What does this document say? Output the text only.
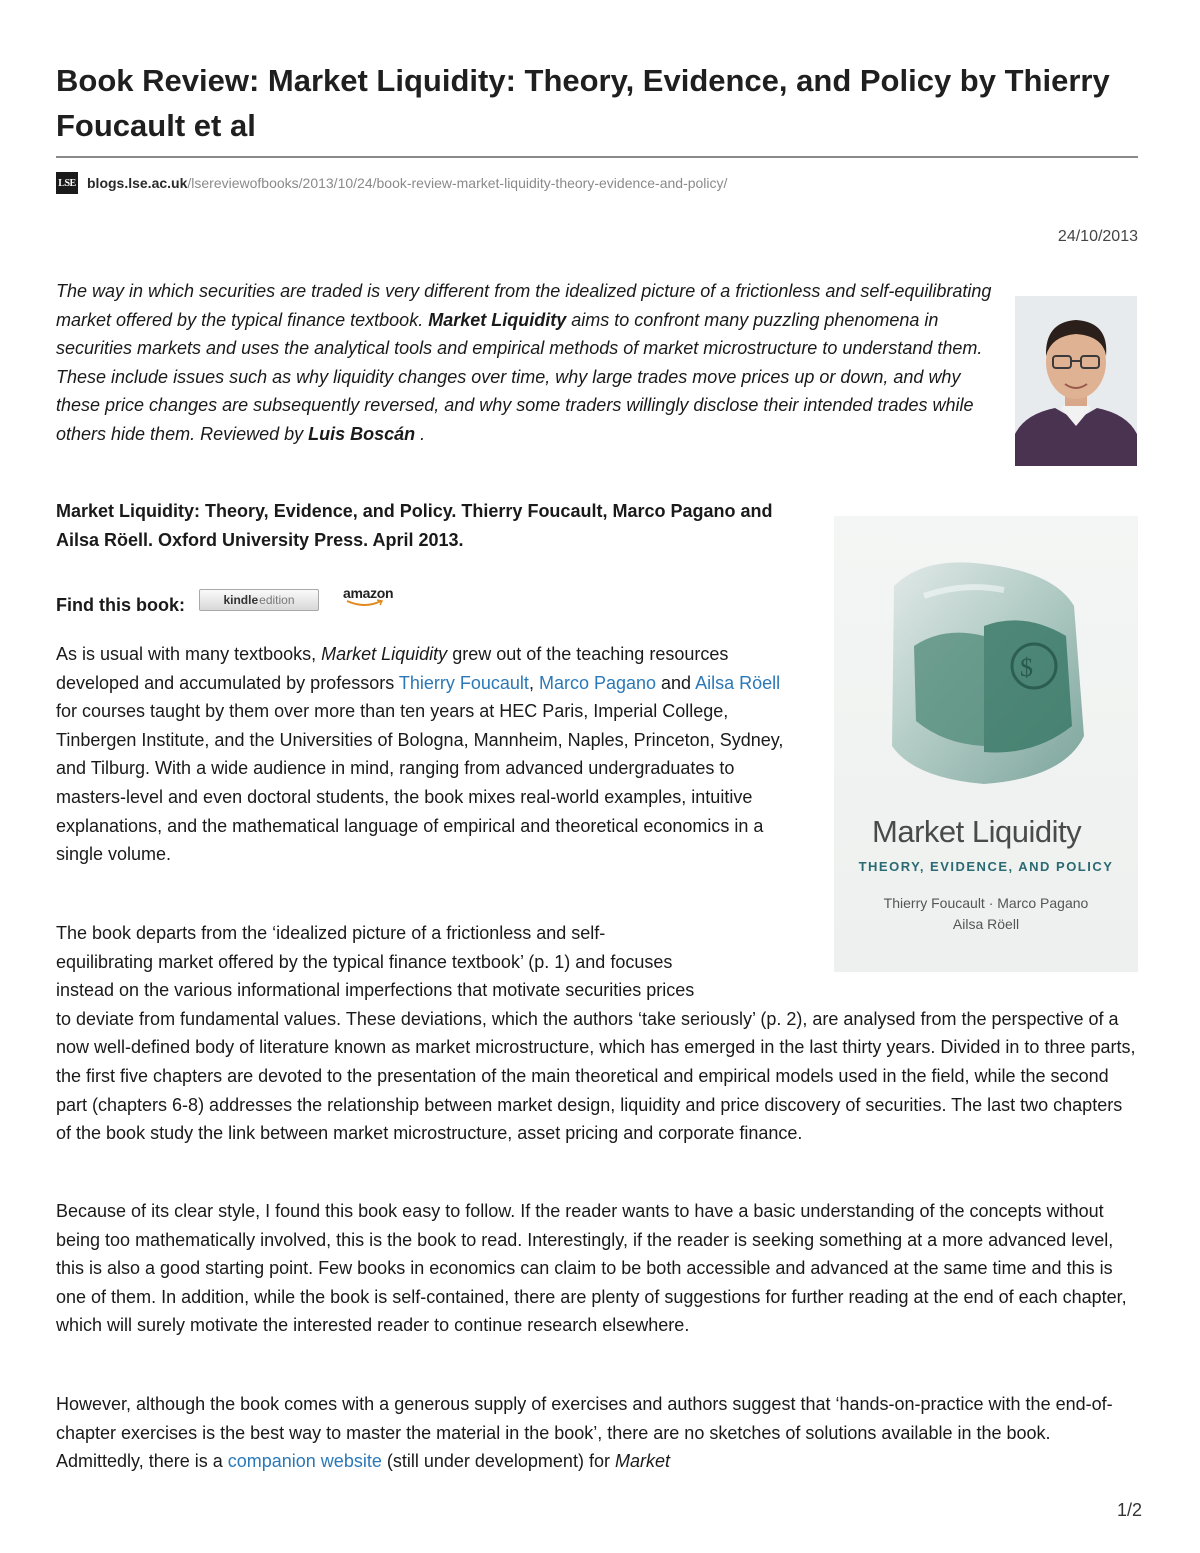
Book Review: Market Liquidity: Theory, Evidence, and Policy by Thierry Foucault et al
LSE blogs.lse.ac.uk /lsereviewofbooks/2013/10/24/book-review-market-liquidity-theory-evidence-and-policy/
24/10/2013

The way in which securities are traded is very different from the idealized picture of a frictionless and self-equilibrating market offered by the typical finance textbook. Market Liquidity aims to confront many puzzling phenomena in securities markets and uses the analytical tools and empirical methods of market microstructure to understand them. These include issues such as why liquidity changes over time, why large trades move prices up or down, and why these price changes are subsequently reversed, and why some traders willingly disclose their intended trades while others hide them. Reviewed by Luis Boscán .

Market Liquidity: Theory, Evidence, and Policy. Thierry Foucault, Marco Pagano and Ailsa Röell. Oxford University Press. April 2013.

Find this book:	kindle edition	amazon
$
Market Liquidity
THEORY, EVIDENCE, AND POLICY
Thierry Foucault · Marco Pagano
Ailsa Röell

As is usual with many textbooks, Market Liquidity grew out of the teaching resources developed and accumulated by professors Thierry Foucault, Marco Pagano and Ailsa Röell for courses taught by them over more than ten years at HEC Paris, Imperial College, Tinbergen Institute, and the Universities of Bologna, Mannheim, Naples, Princeton, Sydney, and Tilburg. With a wide audience in mind, ranging from advanced undergraduates to masters-level and even doctoral students, the book mixes real-world examples, intuitive explanations, and the mathematical language of empirical and theoretical economics in a single volume.

The book departs from the ‘idealized picture of a frictionless and self-
equilibrating market offered by the typical finance textbook’ (p. 1) and focuses
instead on the various informational imperfections that motivate securities prices
to deviate from fundamental values. These deviations, which the authors ‘take seriously’ (p. 2), are analysed from the perspective of a now well-defined body of literature known as market microstructure, which has emerged in the last thirty years. Divided in to three parts, the first five chapters are devoted to the presentation of the main theoretical and empirical models used in the field, while the second part (chapters 6-8) addresses the relationship between market design, liquidity and price discovery of securities. The last two chapters of the book study the link between market microstructure, asset pricing and corporate finance.

Because of its clear style, I found this book easy to follow. If the reader wants to have a basic understanding of the concepts without being too mathematically involved, this is the book to read. Interestingly, if the reader is seeking something at a more advanced level, this is also a good starting point. Few books in economics can claim to be both accessible and advanced at the same time and this is one of them. In addition, while the book is self-contained, there are plenty of suggestions for further reading at the end of each chapter, which will surely motivate the interested reader to continue research elsewhere.

However, although the book comes with a generous supply of exercises and authors suggest that ‘hands-on-practice with the end-of-chapter exercises is the best way to master the material in the book’, there are no sketches of solutions available in the book. Admittedly, there is a companion website (still under development) for Market

1/2
